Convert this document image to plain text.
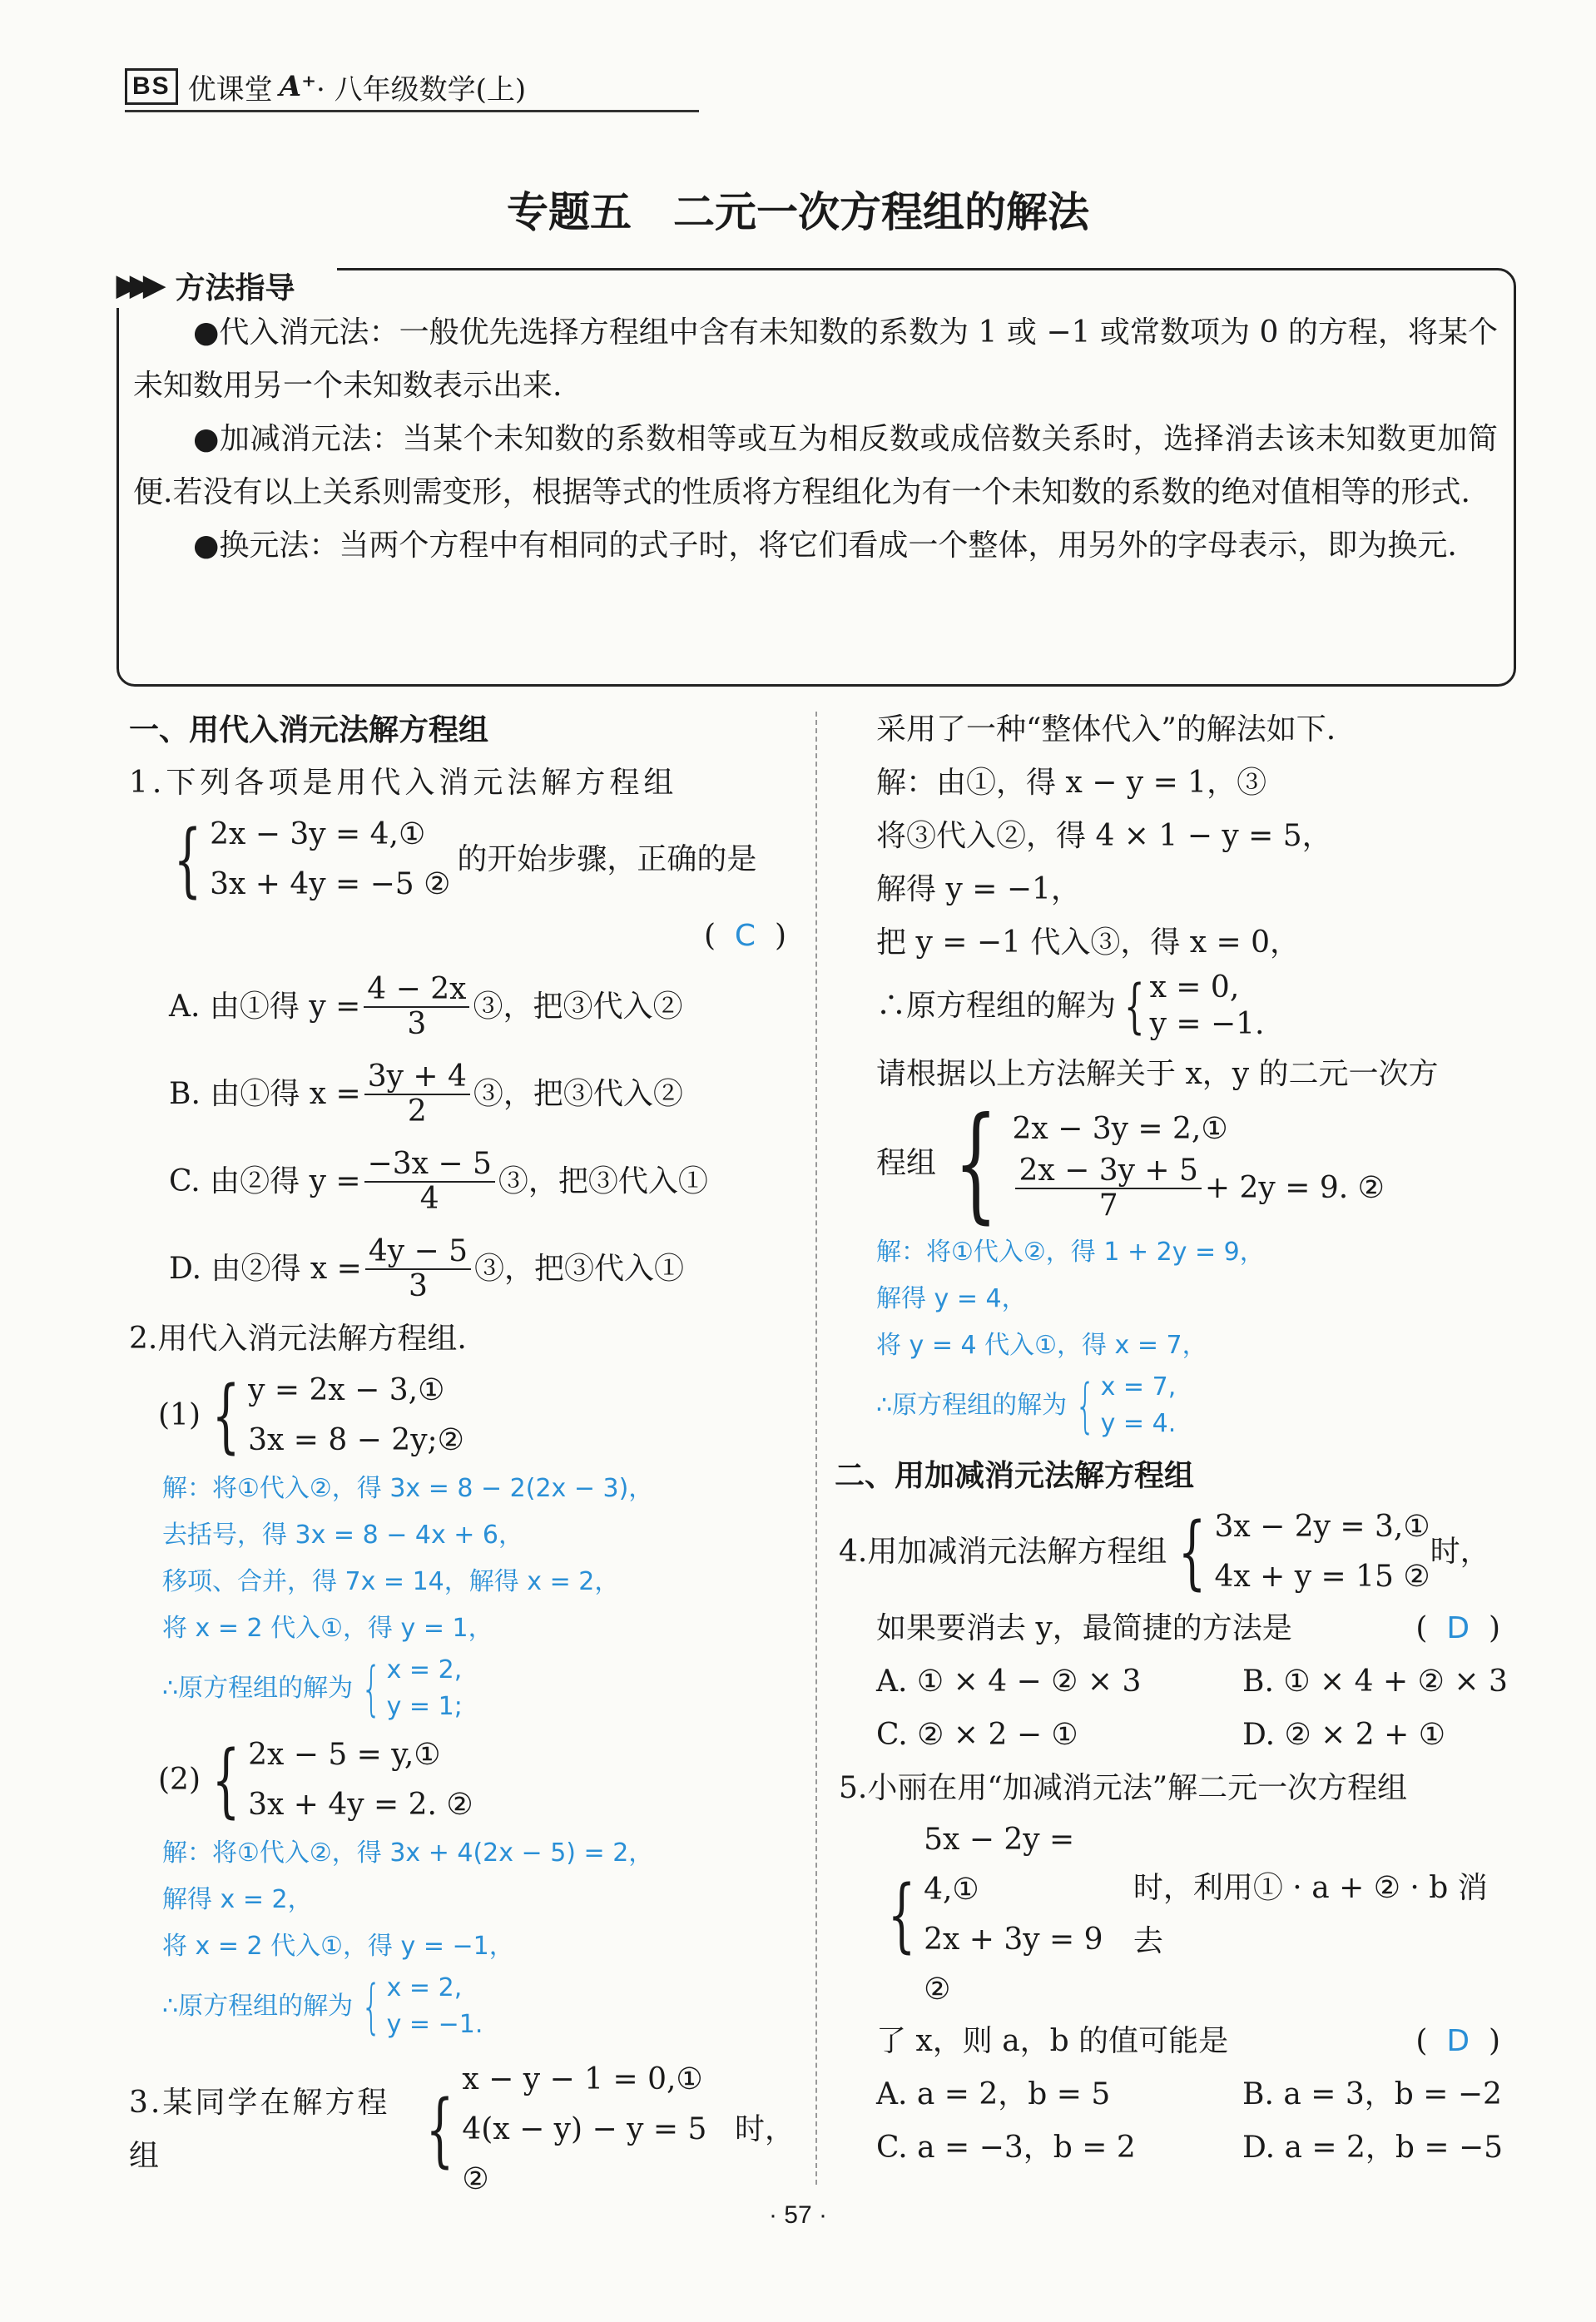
BS 优课堂 A⁺ · 八年级数学(上)
专题五　二元一次方程组的解法
▶▶▶ 方法指导

●代入消元法：一般优先选择方程组中含有未知数的系数为 1 或 −1 或常数项为 0 的方程，将某个未知数用另一个未知数表示出来.

●加减消元法：当某个未知数的系数相等或互为相反数或成倍数关系时，选择消去该未知数更加简便.若没有以上关系则需变形，根据等式的性质将方程组化为有一个未知数的系数的绝对值相等的形式.

●换元法：当两个方程中有相同的式子时，将它们看成一个整体，用另外的字母表示，即为换元.

一、用代入消元法解方程组
1.下列各项是用代入消元法解方程组
{ 2x − 3y = 4,①
3x + 4y = −5 ②
的开始步骤，正确的是
(  C  )
A. 由①得 $y = \frac{4 - 2x}{3}$ ③，把③代入②
B. 由①得 $x = \frac{3y + 4}{2}$ ③，把③代入②
C. 由②得 $y = \frac{-3x - 5}{4}$ ③，把③代入①
D. 由②得 $x = \frac{4y - 5}{3}$ ③，把③代入①
2.用代入消元法解方程组.
(1) { y = 2x − 3,①
3x = 8 − 2y;②
解：将①代入②，得 3x = 8 − 2(2x − 3)，
去括号，得 3x = 8 − 4x + 6，
移项、合并，得 7x = 14，解得 x = 2，
将 x = 2 代入①，得 y = 1，
∴原方程组的解为 { x = 2,
y = 1;
(2) { 2x − 5 = y,①
3x + 4y = 2. ②
解：将①代入②，得 3x + 4(2x − 5) = 2，
解得 x = 2，
将 x = 2 代入①，得 y = −1，
∴原方程组的解为 { x = 2,
y = −1.
3.某同学在解方程组	{
x − y − 1 = 0,①
4(x − y) − y = 5 ②
时，
采用了一种“整体代入”的解法如下.
解：由①，得 x − y = 1，③
将③代入②，得 4 × 1 − y = 5，
解得 y = −1，
把 y = −1 代入③，得 x = 0，
∴原方程组的解为 { x = 0,
y = −1.
请根据以上方法解关于 x，y 的二元一次方
程组 { 2x − 3y = 2,①
$\frac{2x - 3y + 5}{7} + 2y = 9$. ②
解：将①代入②，得 1 + 2y = 9，
解得 y = 4，
将 y = 4 代入①，得 x = 7，
∴原方程组的解为 { x = 7,
y = 4.
二、用加减消元法解方程组
4.用加减消元法解方程组 { 3x − 2y = 3,①
4x + y = 15 ②
时，
如果要消去 y，最简捷的方法是	(  D  )
A. ① × 4 − ② × 3	B. ① × 4 + ② × 3
C. ② × 2 − ①	D. ② × 2 + ①
5.小丽在用“加减消元法”解二元一次方程组
{
5x − 2y = 4,①
2x + 3y = 9 ②
时，利用① · a + ② · b 消去
了 x，则 a，b 的值可能是	(  D  )
A. a = 2，b = 5	B. a = 3，b = −2
C. a = −3，b = 2	D. a = 2，b = −5
· 57 ·
